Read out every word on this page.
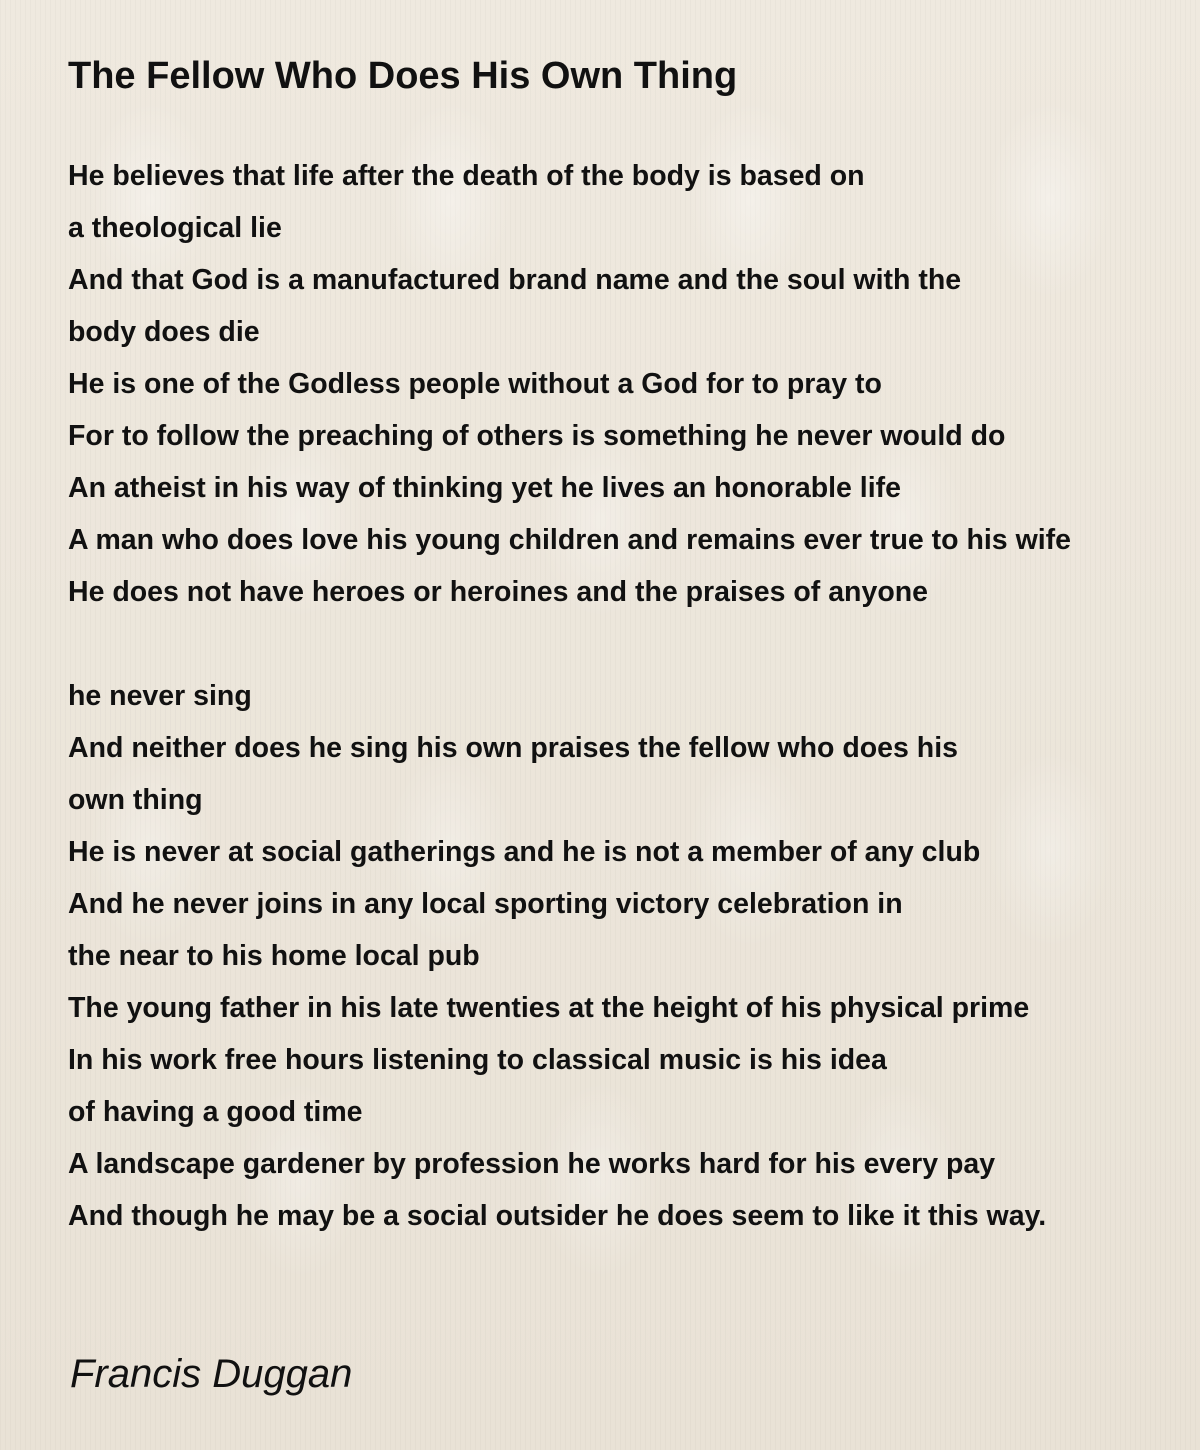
The Fellow Who Does His Own Thing
He believes that life after the death of the body is based on
a theological lie
And that God is a manufactured brand name and the soul with the
body does die
He is one of the Godless people without a God for to pray to
For to follow the preaching of others is something he never would do
An atheist in his way of thinking yet he lives an honorable life
A man who does love his young children and remains ever true to his wife
He does not have heroes or heroines and the praises of anyone
he never sing
And neither does he sing his own praises the fellow who does his
own thing
He is never at social gatherings and he is not a member of any club
And he never joins in any local sporting victory celebration in
the near to his home local pub
The young father in his late twenties at the height of his physical prime
In his work free hours listening to classical music is his idea
of having a good time
A landscape gardener by profession he works hard for his every pay
And though he may be a social outsider he does seem to like it this way.
Francis Duggan
